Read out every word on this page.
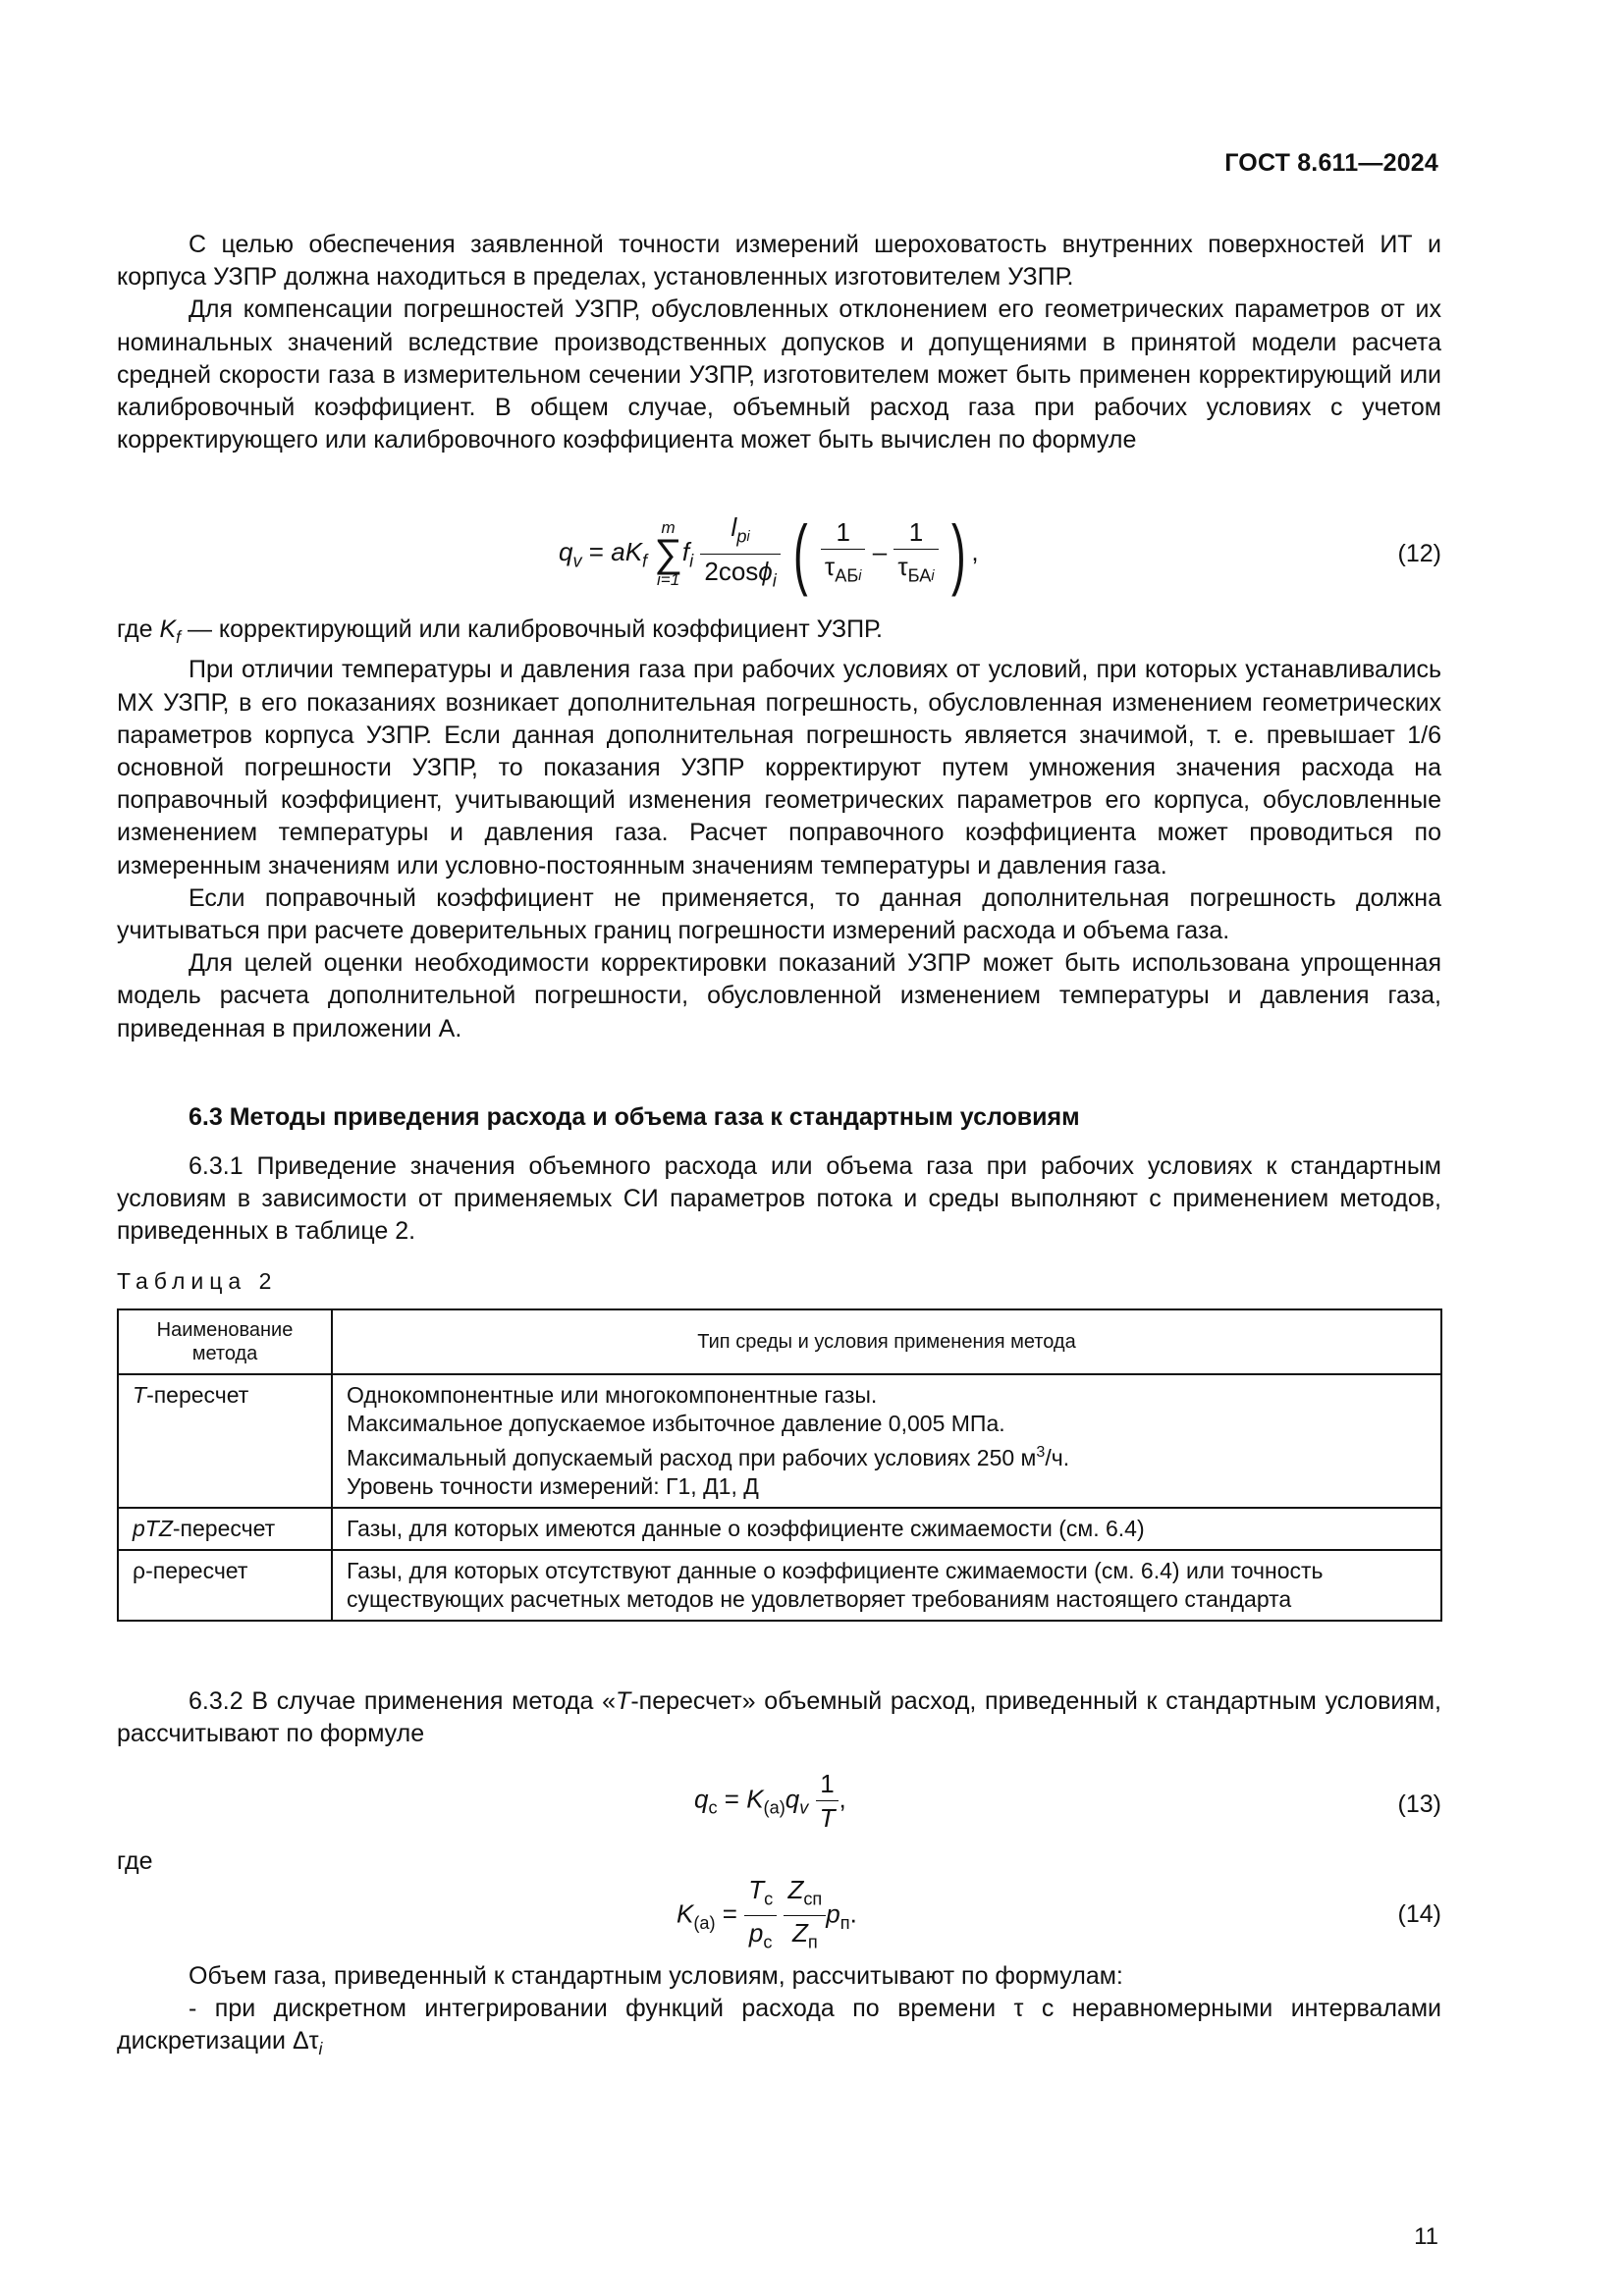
ГОСТ 8.611—2024

С целью обеспечения заявленной точности измерений шероховатость внутренних поверхностей ИТ и корпуса УЗПР должна находиться в пределах, установленных изготовителем УЗПР.

Для компенсации погрешностей УЗПР, обусловленных отклонением его геометрических параметров от их номинальных значений вследствие производственных допусков и допущениями в принятой модели расчета средней скорости газа в измерительном сечении УЗПР, изготовителем может быть применен корректирующий или калибровочный коэффициент. В общем случае, объемный расход газа при рабочих условиях с учетом корректирующего или калибровочного коэффициента может быть вычислен по формуле

$q_v = aK_f$
m
∑
i=1
$f_i \frac{l_{pi}}{2\cos\phi_i}$ ( $\frac{1}{\tau_{АБi}} - \frac{1}{\tau_{БАi}}$ ) ,	(12)

где $K_f$ — корректирующий или калибровочный коэффициент УЗПР.

При отличии температуры и давления газа при рабочих условиях от условий, при которых устанавливались МХ УЗПР, в его показаниях возникает дополнительная погрешность, обусловленная изменением геометрических параметров корпуса УЗПР. Если данная дополнительная погрешность является значимой, т. е. превышает 1/6 основной погрешности УЗПР, то показания УЗПР корректируют путем умножения значения расхода на поправочный коэффициент, учитывающий изменения геометрических параметров его корпуса, обусловленные изменением температуры и давления газа. Расчет поправочного коэффициента может проводиться по измеренным значениям или условно-постоянным значениям температуры и давления газа.

Если поправочный коэффициент не применяется, то данная дополнительная погрешность должна учитываться при расчете доверительных границ погрешности измерений расхода и объема газа.

Для целей оценки необходимости корректировки показаний УЗПР может быть использована упрощенная модель расчета дополнительной погрешности, обусловленной изменением температуры и давления газа, приведенная в приложении А.

6.3 Методы приведения расхода и объема газа к стандартным условиям

6.3.1 Приведение значения объемного расхода или объема газа при рабочих условиях к стандартным условиям в зависимости от применяемых СИ параметров потока и среды выполняют с применением методов, приведенных в таблице 2.

Таблица 2
Наименование метода	Тип среды и условия применения метода
T-пересчет	Однокомпонентные или многокомпонентные газы.
Максимальное допускаемое избыточное давление 0,005 МПа.
Максимальный допускаемый расход при рабочих условиях 250 $м^3/ч$.
Уровень точности измерений: Г1, Д1, Д

pTZ-пересчет	Газы, для которых имеются данные о коэффициенте сжимаемости (см. 6.4)
ρ-пересчет	Газы, для которых отсутствуют данные о коэффициенте сжимаемости (см. 6.4) или точность существующих расчетных методов не удовлетворяет требованиям настоящего стандарта

6.3.2 В случае применения метода «T-пересчет» объемный расход, приведенный к стандартным условиям, рассчитывают по формуле

$q_с = K_{(а)}q_v \frac{1}{T}$ ,	(13)

где

$K_{(а)} = \frac{T_с}{p_с}$
$\frac{Z_{сп}}{Z_п} p_п$.	(14)

Объем газа, приведенный к стандартным условиям, рассчитывают по формулам:

- при дискретном интегрировании функций расхода по времени τ с неравномерными интервалами дискретизации $\Delta\tau_i$

11
